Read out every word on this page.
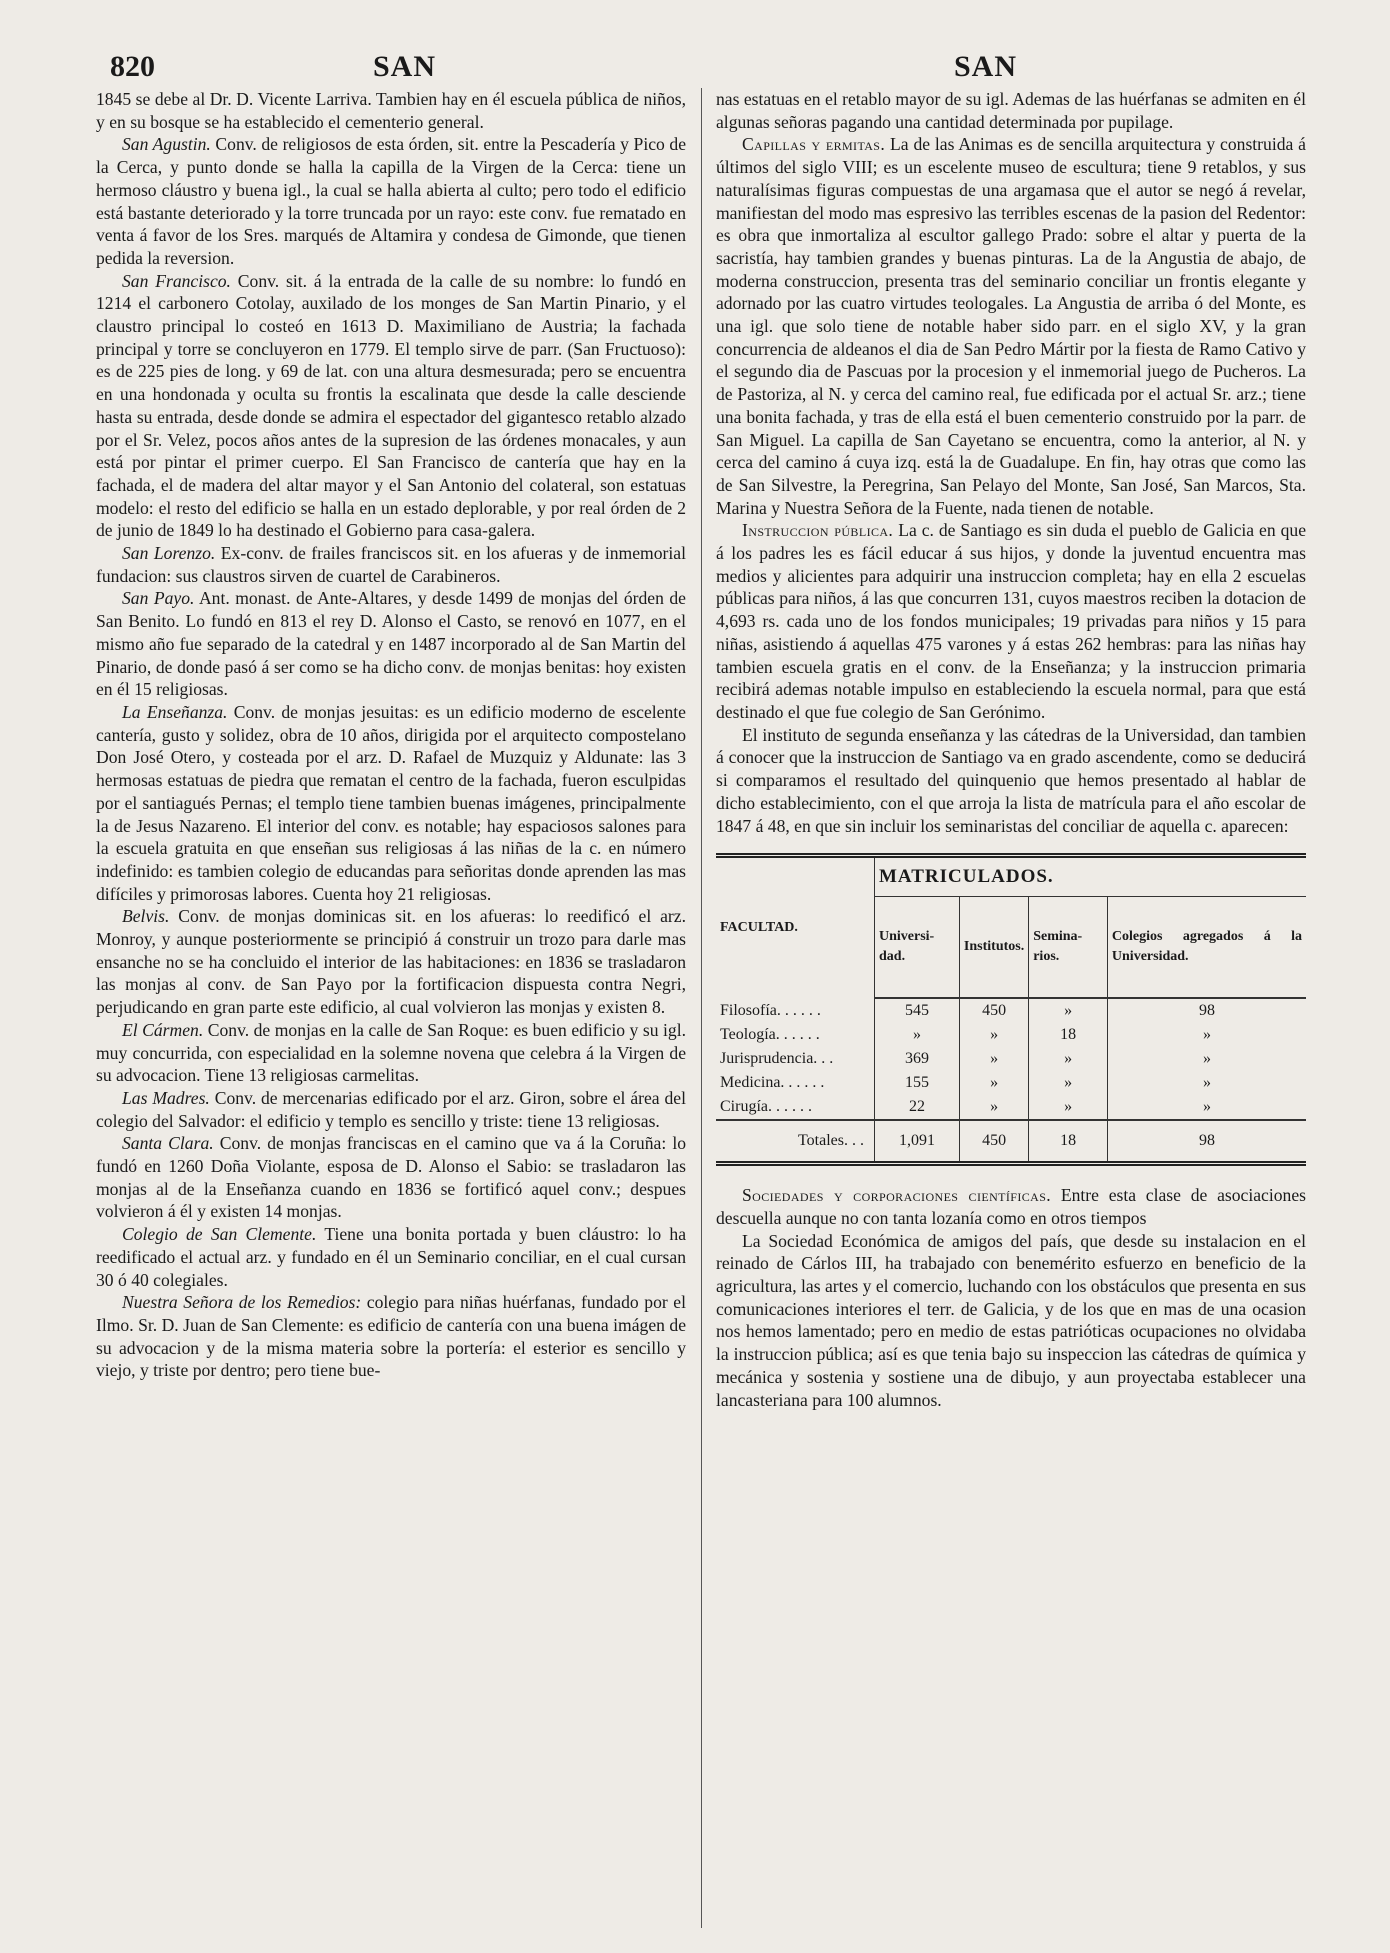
820	SAN	SAN

1845 se debe al Dr. D. Vicente Larriva. Tambien hay en él escuela pública de niños, y en su bosque se ha establecido el cementerio general.

San Agustin. Conv. de religiosos de esta órden, sit. entre la Pescadería y Pico de la Cerca, y punto donde se halla la capilla de la Virgen de la Cerca: tiene un hermoso cláustro y buena igl., la cual se halla abierta al culto; pero todo el edificio está bastante deteriorado y la torre truncada por un rayo: este conv. fue rematado en venta á favor de los Sres. marqués de Altamira y condesa de Gimonde, que tienen pedida la reversion.

San Francisco. Conv. sit. á la entrada de la calle de su nombre: lo fundó en 1214 el carbonero Cotolay, auxilado de los monges de San Martin Pinario, y el claustro principal lo costeó en 1613 D. Maximiliano de Austria; la fachada principal y torre se concluyeron en 1779. El templo sirve de parr. (San Fructuoso): es de 225 pies de long. y 69 de lat. con una altura desmesurada; pero se encuentra en una hondonada y oculta su frontis la escalinata que desde la calle desciende hasta su entrada, desde donde se admira el espectador del gigantesco retablo alzado por el Sr. Velez, pocos años antes de la supresion de las órdenes monacales, y aun está por pintar el primer cuerpo. El San Francisco de cantería que hay en la fachada, el de madera del altar mayor y el San Antonio del colateral, son estatuas modelo: el resto del edificio se halla en un estado deplorable, y por real órden de 2 de junio de 1849 lo ha destinado el Gobierno para casa-galera.

San Lorenzo. Ex-conv. de frailes franciscos sit. en los afueras y de inmemorial fundacion: sus claustros sirven de cuartel de Carabineros.

San Payo. Ant. monast. de Ante-Altares, y desde 1499 de monjas del órden de San Benito. Lo fundó en 813 el rey D. Alonso el Casto, se renovó en 1077, en el mismo año fue separado de la catedral y en 1487 incorporado al de San Martin del Pinario, de donde pasó á ser como se ha dicho conv. de monjas benitas: hoy existen en él 15 religiosas.

La Enseñanza. Conv. de monjas jesuitas: es un edificio moderno de escelente cantería, gusto y solidez, obra de 10 años, dirigida por el arquitecto compostelano Don José Otero, y costeada por el arz. D. Rafael de Muzquiz y Aldunate: las 3 hermosas estatuas de piedra que rematan el centro de la fachada, fueron esculpidas por el santiagués Pernas; el templo tiene tambien buenas imágenes, principalmente la de Jesus Nazareno. El interior del conv. es notable; hay espaciosos salones para la escuela gratuita en que enseñan sus religiosas á las niñas de la c. en número indefinido: es tambien colegio de educandas para señoritas donde aprenden las mas difíciles y primorosas labores. Cuenta hoy 21 religiosas.

Belvis. Conv. de monjas dominicas sit. en los afueras: lo reedificó el arz. Monroy, y aunque posteriormente se principió á construir un trozo para darle mas ensanche no se ha concluido el interior de las habitaciones: en 1836 se trasladaron las monjas al conv. de San Payo por la fortificacion dispuesta contra Negri, perjudicando en gran parte este edificio, al cual volvieron las monjas y existen 8.

El Cármen. Conv. de monjas en la calle de San Roque: es buen edificio y su igl. muy concurrida, con especialidad en la solemne novena que celebra á la Virgen de su advocacion. Tiene 13 religiosas carmelitas.

Las Madres. Conv. de mercenarias edificado por el arz. Giron, sobre el área del colegio del Salvador: el edificio y templo es sencillo y triste: tiene 13 religiosas.

Santa Clara. Conv. de monjas franciscas en el camino que va á la Coruña: lo fundó en 1260 Doña Violante, esposa de D. Alonso el Sabio: se trasladaron las monjas al de la Enseñanza cuando en 1836 se fortificó aquel conv.; despues volvieron á él y existen 14 monjas.

Colegio de San Clemente. Tiene una bonita portada y buen cláustro: lo ha reedificado el actual arz. y fundado en él un Seminario conciliar, en el cual cursan 30 ó 40 colegiales.

Nuestra Señora de los Remedios: colegio para niñas huérfanas, fundado por el Ilmo. Sr. D. Juan de San Clemente: es edificio de cantería con una buena imágen de su advocacion y de la misma materia sobre la portería: el esterior es sencillo y viejo, y triste por dentro; pero tiene bue-

nas estatuas en el retablo mayor de su igl. Ademas de las huérfanas se admiten en él algunas señoras pagando una cantidad determinada por pupilage.

Capillas y ermitas. La de las Animas es de sencilla arquitectura y construida á últimos del siglo VIII; es un escelente museo de escultura; tiene 9 retablos, y sus naturalísimas figuras compuestas de una argamasa que el autor se negó á revelar, manifiestan del modo mas espresivo las terribles escenas de la pasion del Redentor: es obra que inmortaliza al escultor gallego Prado: sobre el altar y puerta de la sacristía, hay tambien grandes y buenas pinturas. La de la Angustia de abajo, de moderna construccion, presenta tras del seminario conciliar un frontis elegante y adornado por las cuatro virtudes teologales. La Angustia de arriba ó del Monte, es una igl. que solo tiene de notable haber sido parr. en el siglo XV, y la gran concurrencia de aldeanos el dia de San Pedro Mártir por la fiesta de Ramo Cativo y el segundo dia de Pascuas por la procesion y el inmemorial juego de Pucheros. La de Pastoriza, al N. y cerca del camino real, fue edificada por el actual Sr. arz.; tiene una bonita fachada, y tras de ella está el buen cementerio construido por la parr. de San Miguel. La capilla de San Cayetano se encuentra, como la anterior, al N. y cerca del camino á cuya izq. está la de Guadalupe. En fin, hay otras que como las de San Silvestre, la Peregrina, San Pelayo del Monte, San José, San Marcos, Sta. Marina y Nuestra Señora de la Fuente, nada tienen de notable.

Instruccion pública. La c. de Santiago es sin duda el pueblo de Galicia en que á los padres les es fácil educar á sus hijos, y donde la juventud encuentra mas medios y alicientes para adquirir una instruccion completa; hay en ella 2 escuelas públicas para niños, á las que concurren 131, cuyos maestros reciben la dotacion de 4,693 rs. cada uno de los fondos municipales; 19 privadas para niños y 15 para niñas, asistiendo á aquellas 475 varones y á estas 262 hembras: para las niñas hay tambien escuela gratis en el conv. de la Enseñanza; y la instruccion primaria recibirá ademas notable impulso en estableciendo la escuela normal, para que está destinado el que fue colegio de San Gerónimo.

El instituto de segunda enseñanza y las cátedras de la Universidad, dan tambien á conocer que la instruccion de Santiago va en grado ascendente, como se deducirá si comparamos el resultado del quinquenio que hemos presentado al hablar de dicho establecimiento, con el que arroja la lista de matrícula para el año escolar de 1847 á 48, en que sin incluir los seminaristas del conciliar de aquella c. aparecen:

FACULTAD.	MATRICULADOS.			
	Universi-dad.	Institutos.	Semina-rios.	Colegios agregados á la Universidad.
Filosofía. . . . . .	545	450	»	98
Teología. . . . . .	»	»	18	»
Jurisprudencia. . .	369	»	»	»
Medicina. . . . . .	155	»	»	»
Cirugía. . . . . .	22	»	»	»
Totales. . .	1,091	450	18	98

Sociedades y corporaciones científicas. Entre esta clase de asociaciones descuella aunque no con tanta lozanía como en otros tiempos

La Sociedad Económica de amigos del país, que desde su instalacion en el reinado de Cárlos III, ha trabajado con benemérito esfuerzo en beneficio de la agricultura, las artes y el comercio, luchando con los obstáculos que presenta en sus comunicaciones interiores el terr. de Galicia, y de los que en mas de una ocasion nos hemos lamentado; pero en medio de estas patrióticas ocupaciones no olvidaba la instruccion pública; así es que tenia bajo su inspeccion las cátedras de química y mecánica y sostenia y sostiene una de dibujo, y aun proyectaba establecer una lancasteriana para 100 alumnos.
